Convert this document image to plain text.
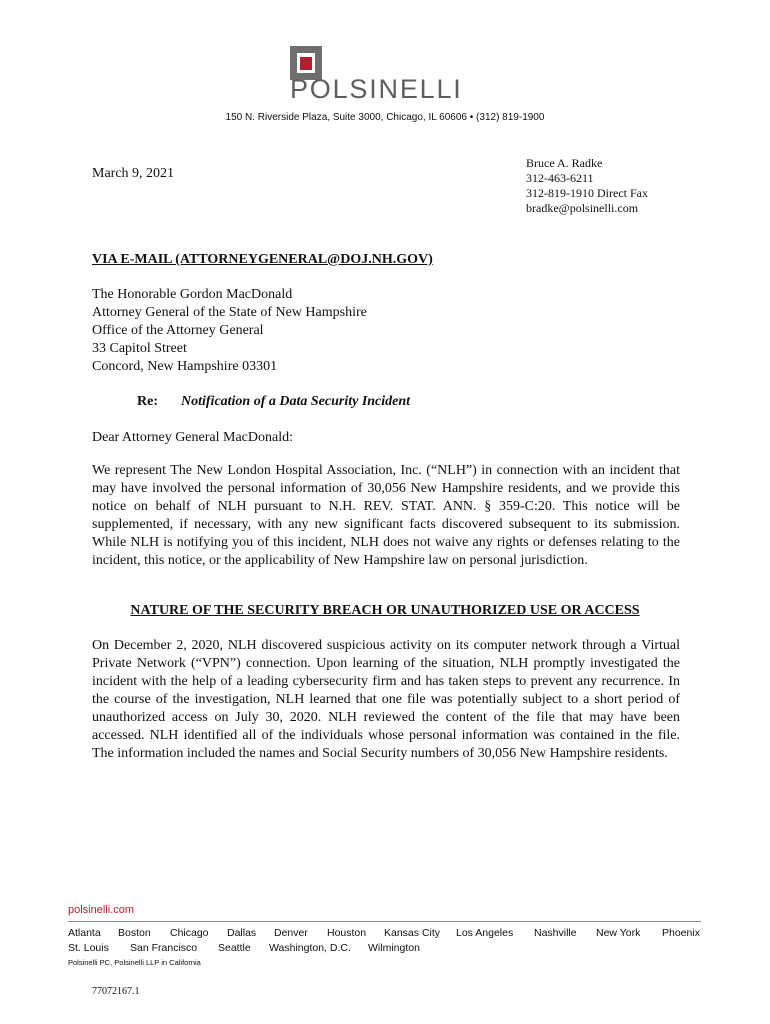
POLSINELLI
150 N. Riverside Plaza, Suite 3000, Chicago, IL 60606 • (312) 819-1900
March 9, 2021
Bruce A. Radke
312-463-6211
312-819-1910 Direct Fax
bradke@polsinelli.com
VIA E-MAIL (ATTORNEYGENERAL@DOJ.NH.GOV)
The Honorable Gordon MacDonald
Attorney General of the State of New Hampshire
Office of the Attorney General
33 Capitol Street
Concord, New Hampshire 03301
Re: Notification of a Data Security Incident
Dear Attorney General MacDonald:
We represent The New London Hospital Association, Inc. (“NLH”) in connection with an incident that may have involved the personal information of 30,056 New Hampshire residents, and we provide this notice on behalf of NLH pursuant to N.H. REV. STAT. ANN. § 359-C:20. This notice will be supplemented, if necessary, with any new significant facts discovered subsequent to its submission. While NLH is notifying you of this incident, NLH does not waive any rights or defenses relating to the incident, this notice, or the applicability of New Hampshire law on personal jurisdiction.
NATURE OF THE SECURITY BREACH OR UNAUTHORIZED USE OR ACCESS
On December 2, 2020, NLH discovered suspicious activity on its computer network through a Virtual Private Network (“VPN”) connection. Upon learning of the situation, NLH promptly investigated the incident with the help of a leading cybersecurity firm and has taken steps to prevent any recurrence. In the course of the investigation, NLH learned that one file was potentially subject to a short period of unauthorized access on July 30, 2020. NLH reviewed the content of the file that may have been accessed. NLH identified all of the individuals whose personal information was contained in the file. The information included the names and Social Security numbers of 30,056 New Hampshire residents.
polsinelli.com
Atlanta Boston Chicago Dallas Denver Houston Kansas City Los Angeles Nashville New York Phoenix
St. Louis San Francisco Seattle Washington, D.C. Wilmington
Polsinelli PC, Polsinelli LLP in California
77072167.1
